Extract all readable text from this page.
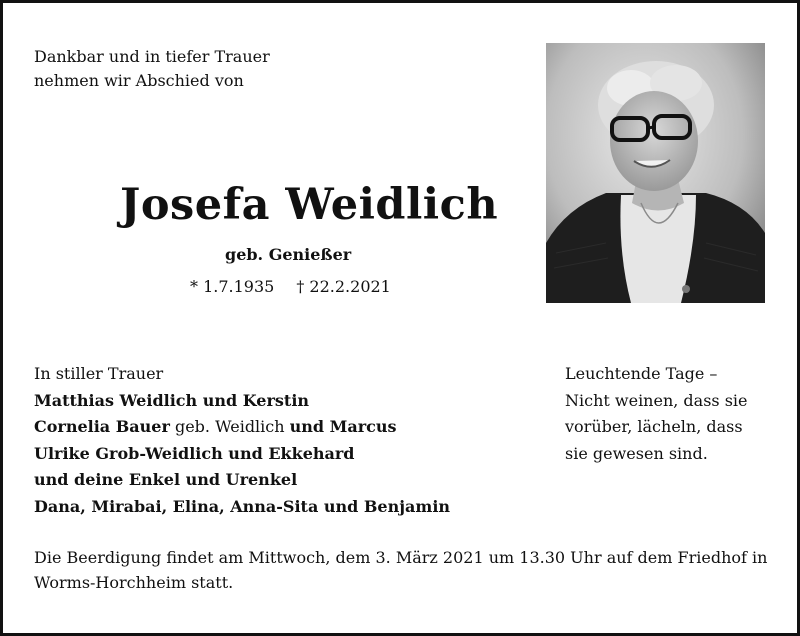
Dankbar und in tiefer Trauer
nehmen wir Abschied von
Josefa Weidlich
geb. Genießer
* 1.7.1935 † 22.2.2021
In stiller Trauer
Matthias Weidlich und Kerstin
Cornelia Bauer geb. Weidlich und Marcus
Ulrike Grob-Weidlich und Ekkehard
und deine Enkel und Urenkel
Dana, Mirabai, Elina, Anna-Sita und Benjamin
Leuchtende Tage –
Nicht weinen, dass sie
vorüber, lächeln, dass
sie gewesen sind.
Die Beerdigung findet am Mittwoch, dem 3. März 2021 um 13.30 Uhr auf dem Friedhof in
Worms-Horchheim statt.
